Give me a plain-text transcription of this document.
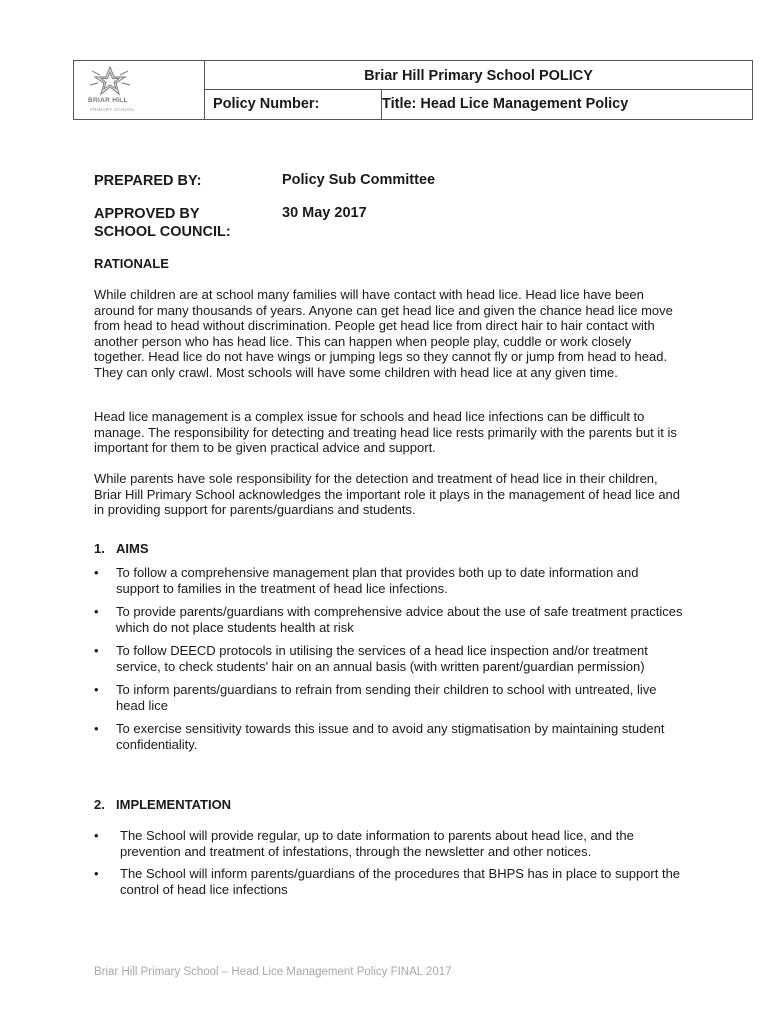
BRIAR HILL
PRIMARY SCHOOL
Briar Hill Primary School POLICY
Policy Number:	Title: Head Lice Management Policy
PREPARED BY:	Policy Sub Committee
APPROVED BY
SCHOOL COUNCIL:
30 May 2017
RATIONALE
While children are at school many families will have contact with head lice. Head lice have been around for many thousands of years. Anyone can get head lice and given the chance head lice move from head to head without discrimination. People get head lice from direct hair to hair contact with another person who has head lice. This can happen when people play, cuddle or work closely together. Head lice do not have wings or jumping legs so they cannot fly or jump from head to head. They can only crawl. Most schools will have some children with head lice at any given time.
Head lice management is a complex issue for schools and head lice infections can be difficult to manage. The responsibility for detecting and treating head lice rests primarily with the parents but it is important for them to be given practical advice and support.
While parents have sole responsibility for the detection and treatment of head lice in their children, Briar Hill Primary School acknowledges the important role it plays in the management of head lice and in providing support for parents/guardians and students.
1. AIMS
• To follow a comprehensive management plan that provides both up to date information and support to families in the treatment of head lice infections.
• To provide parents/guardians with comprehensive advice about the use of safe treatment practices which do not place students health at risk
• To follow DEECD protocols in utilising the services of a head lice inspection and/or treatment service, to check students' hair on an annual basis (with written parent/guardian permission)
• To inform parents/guardians to refrain from sending their children to school with untreated, live head lice
• To exercise sensitivity towards this issue and to avoid any stigmatisation by maintaining student confidentiality.
2. IMPLEMENTATION
• The School will provide regular, up to date information to parents about head lice, and the prevention and treatment of infestations, through the newsletter and other notices.
• The School will inform parents/guardians of the procedures that BHPS has in place to support the control of head lice infections
Briar Hill Primary School – Head Lice Management Policy FINAL 2017
